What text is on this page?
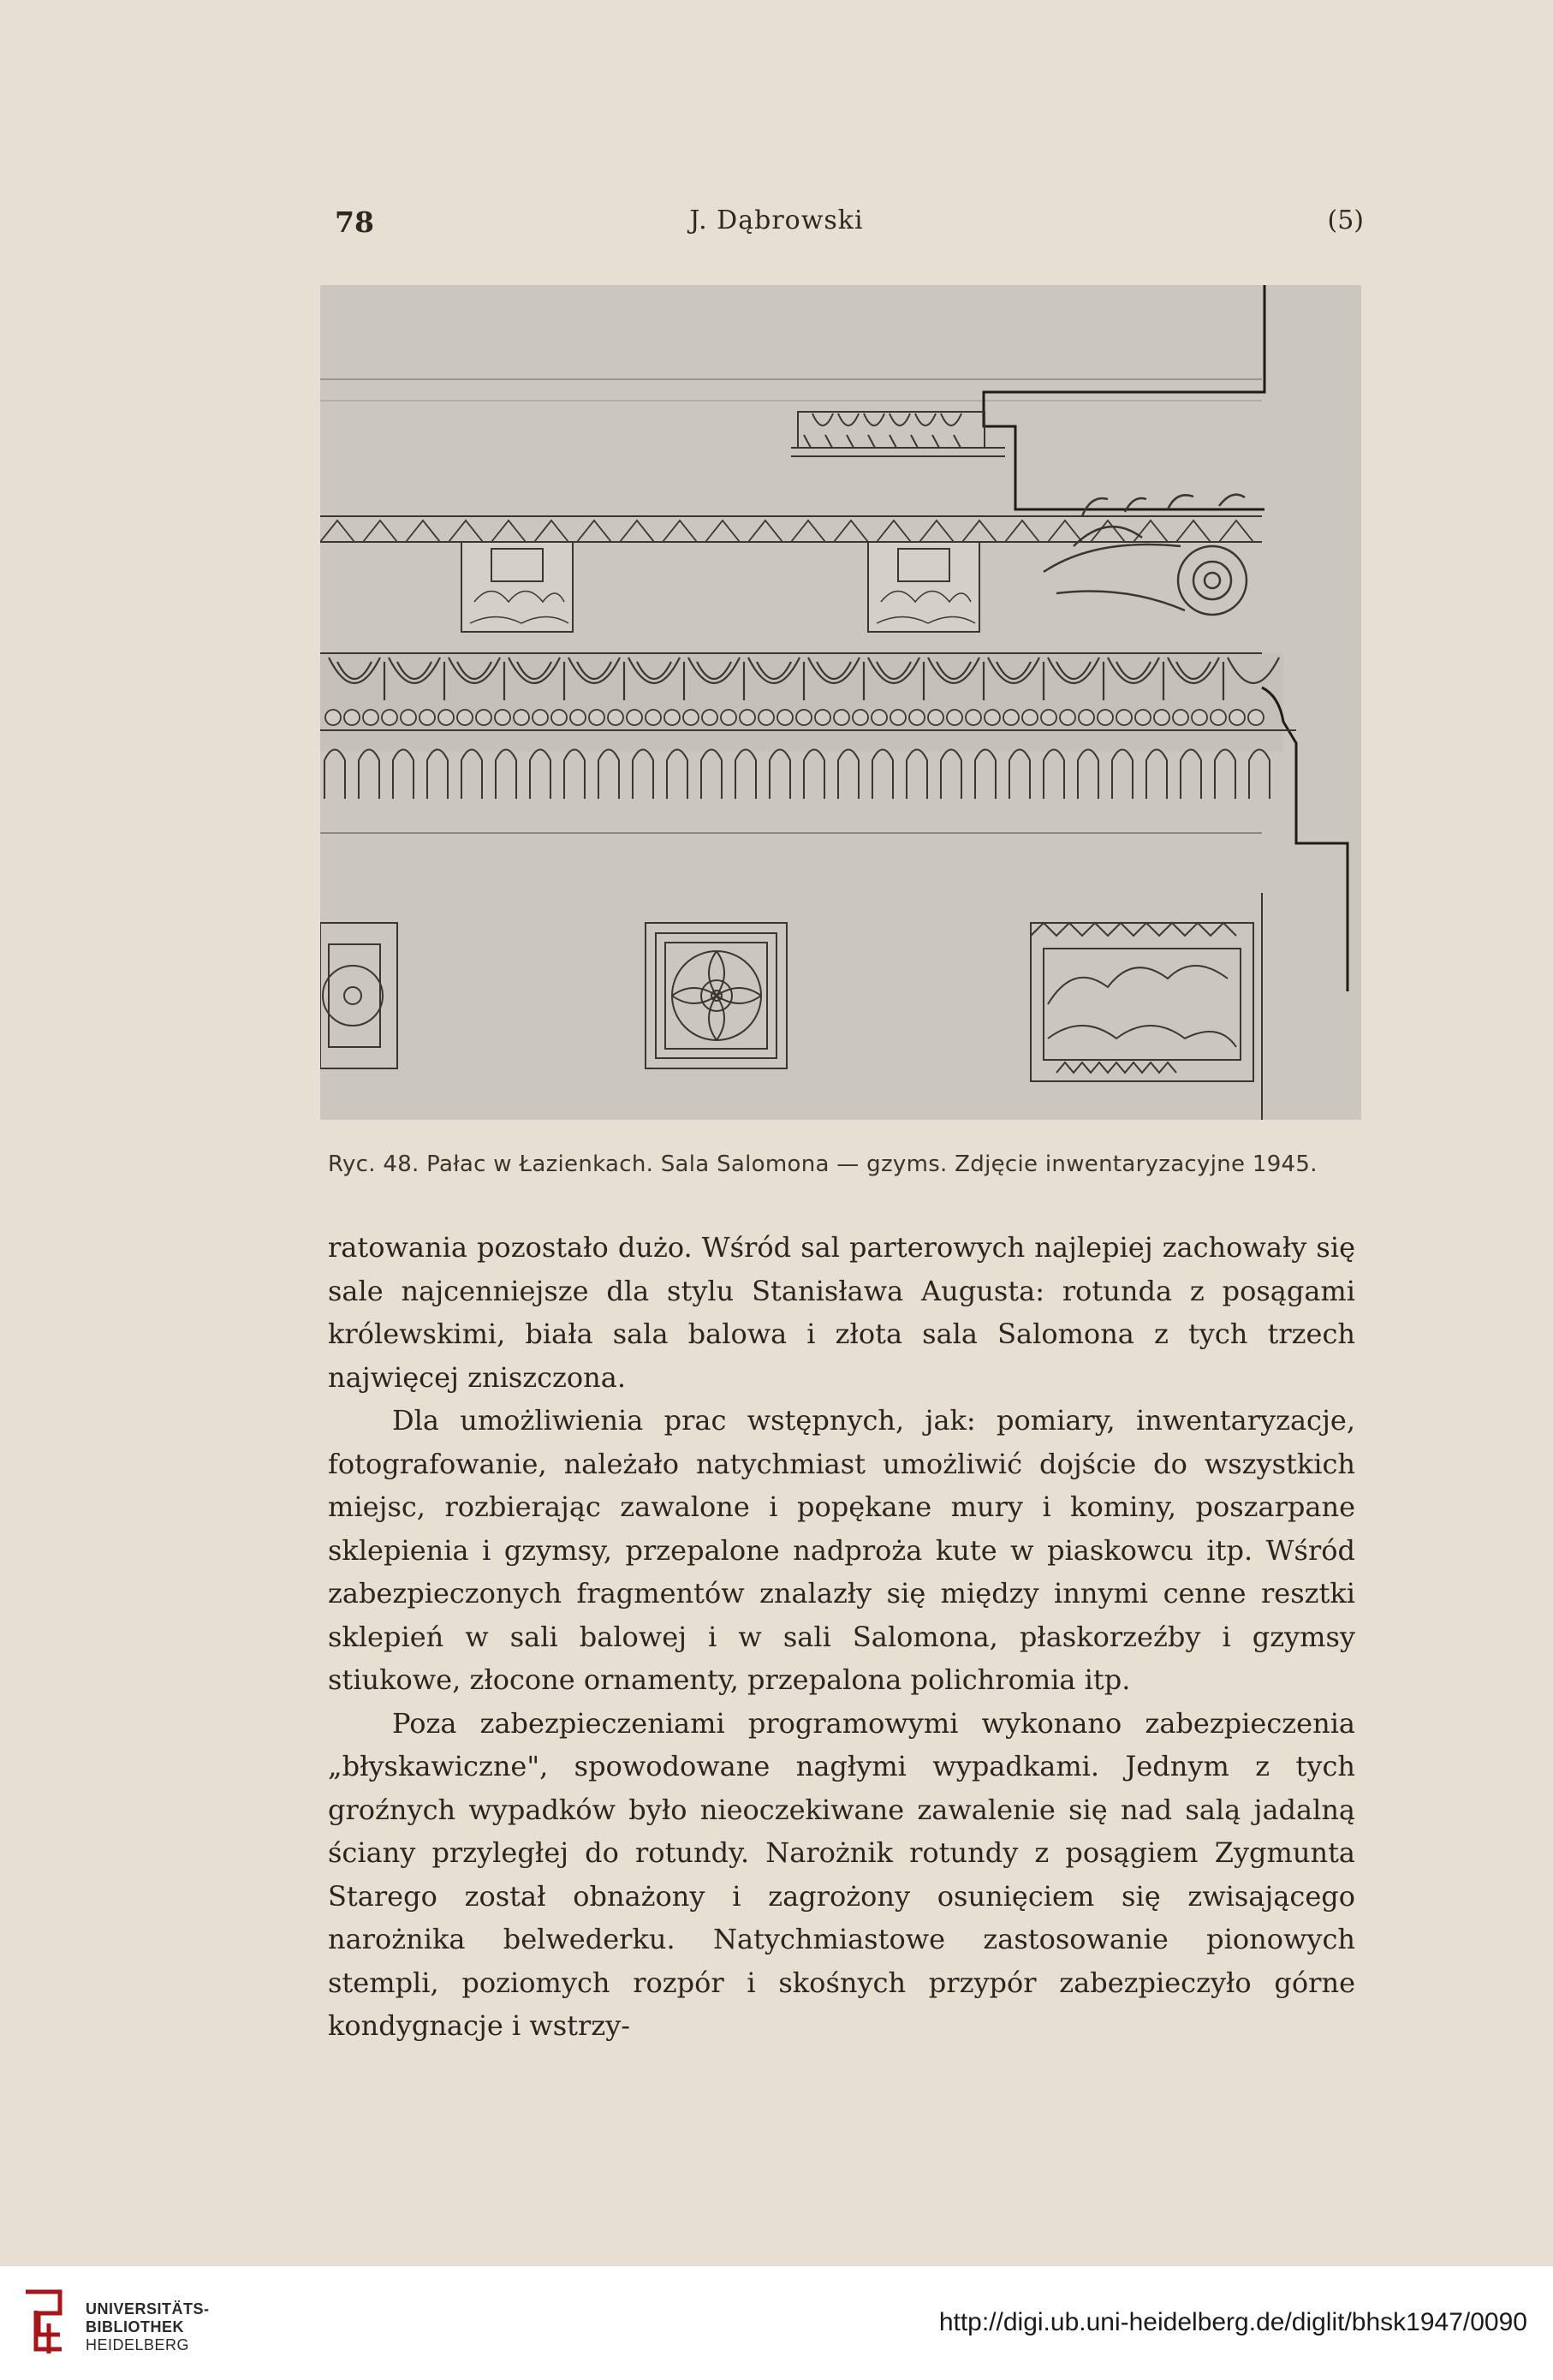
78	J. Dąbrowski	(5)
Ryc. 48. Pałac w Łazienkach. Sala Salomona — gzyms. Zdjęcie inwentaryzacyjne 1945.

ratowania pozostało dużo. Wśród sal parterowych najlepiej zachowały się sale najcenniejsze dla stylu Stanisława Augusta: rotunda z posągami królewskimi, biała sala balowa i złota sala Salomona z tych trzech najwięcej zniszczona.

Dla umożliwienia prac wstępnych, jak: pomiary, inwentaryzacje, fotografowanie, należało natychmiast umożliwić dojście do wszystkich miejsc, rozbierając zawalone i popękane mury i kominy, poszarpane sklepienia i gzymsy, przepalone nadproża kute w piaskowcu itp. Wśród zabezpieczonych fragmentów znalazły się między innymi cenne resztki sklepień w sali balowej i w sali Salomona, płaskorzeźby i gzymsy stiukowe, złocone ornamenty, przepalona polichromia itp.

Poza zabezpieczeniami programowymi wykonano zabezpieczenia „błyskawiczne", spowodowane nagłymi wypadkami. Jednym z tych groźnych wypadków było nieoczekiwane zawalenie się nad salą jadalną ściany przyległej do rotundy. Narożnik rotundy z posągiem Zygmunta Starego został obnażony i zagrożony osunięciem się zwisającego narożnika belwederku. Natychmiastowe zastosowanie pionowych stempli, poziomych rozpór i skośnych przypór zabezpieczyło górne kondygnacje i wstrzy-

UNIVERSITÄTS-
BIBLIOTHEK
HEIDELBERG
http://digi.ub.uni-heidelberg.de/diglit/bhsk1947/0090
